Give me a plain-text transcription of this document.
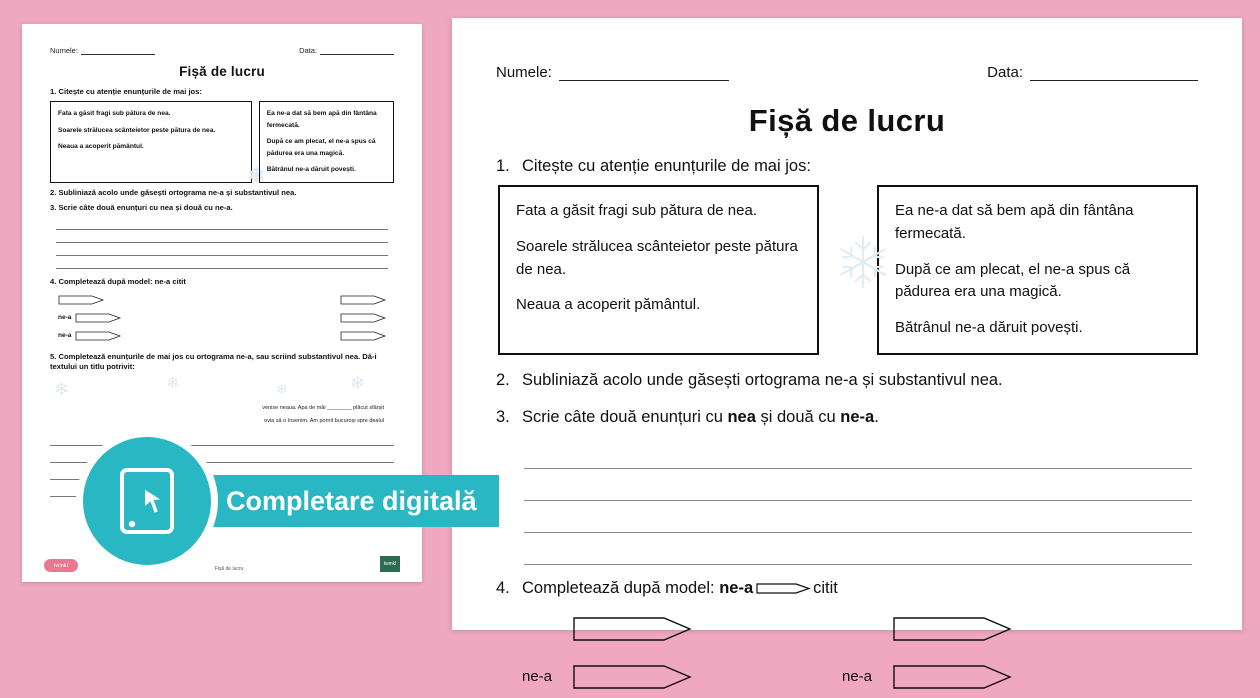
Numele:	Data:
Fișă de lucru
1. Citește cu atenție enunțurile de mai jos:

Fata a găsit fragi sub pătura de nea.

Soarele strălucea scânteietor peste pătura de nea.

Neaua a acoperit pământul.

❄

Ea ne-a dat să bem apă din fântâna fermecată.

După ce am plecat, el ne-a spus că pădurea era una magică.

Bătrânul ne-a dăruit povești.

2. Subliniază acolo unde găsești ortograma ne-a și substantivul nea.
3. Scrie câte două enunțuri cu nea și două cu ne-a.
4. Completează după model: ne-a citit
ne-a
ne-a
5. Completează enunțurile de mai jos cu ortograma ne-a, sau scriind substantivul nea. Dă-i textului un titlu potrivit:
❄	❄	❄	❄
venise neaua. Apa de mâi ________ plăcut sfârșit
ovia să o însenim. Am pornit bucuroși spre dealul
twinkl
Fișă de lucru
twinkl
Numele:	Data:
Fișă de lucru
1. Citește cu atenție enunțurile de mai jos:

Fata a găsit fragi sub pătura de nea.

Soarele strălucea scânteietor peste pătura de nea.

Neaua a acoperit pământul.

Ea ne-a dat să bem apă din fântâna fermecată.

După ce am plecat, el ne-a spus că pădurea era una magică.

Bătrânul ne-a dăruit povești.

2. Subliniază acolo unde găsești ortograma ne-a și substantivul nea.
3. Scrie câte două enunțuri cu nea și două cu ne-a.
4. Completează după model: ne-a	citit
ne-a	ne-a
Completare digitală
